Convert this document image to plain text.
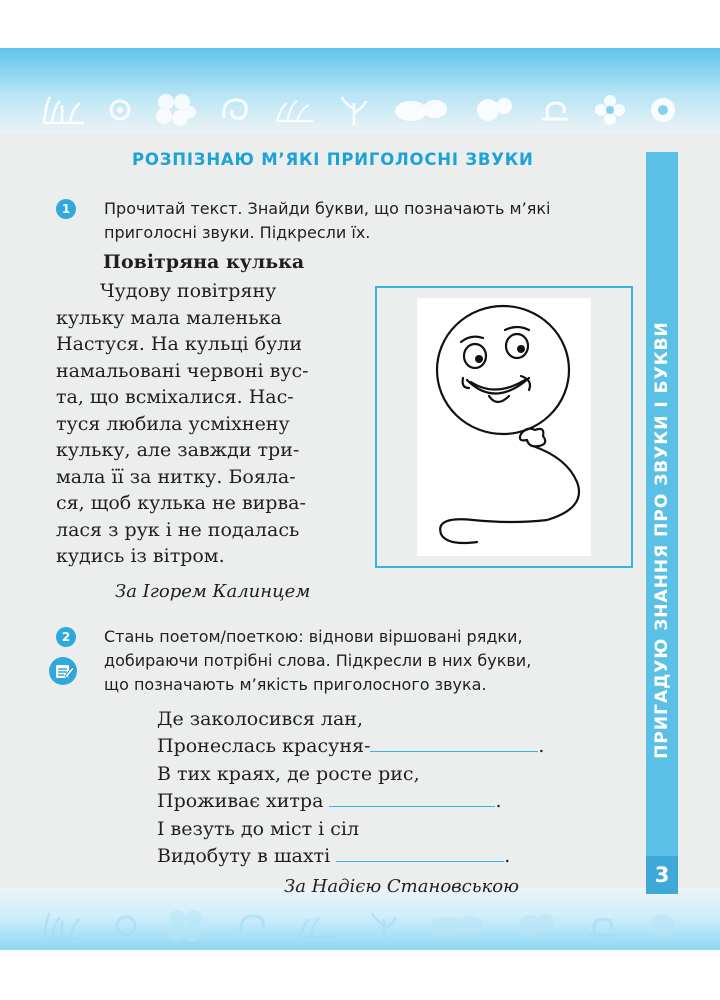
ПРИГАДУЮ ЗНАННЯ ПРО ЗВУКИ І БУКВИ
3
РОЗПІЗНАЮ М’ЯКІ ПРИГОЛОСНІ ЗВУКИ
1	Прочитай текст. Знайди букви, що позначають м’які
приголосні звуки. Підкресли їх.
Повітряна кулька
Чудову повітряну
кульку мала маленька
Настуся. На кульці були
намальовані червоні вус-
та, що всміхалися. Нас-
туся любила усміхнену
кульку, але завжди три-
мала її за нитку. Бояла-
ся, щоб кулька не вирва-
лася з рук і не подалась
кудись із вітром.
За Ігорем Калинцем
2	Стань поетом/поеткою: віднови віршовані рядки,
добираючи потрібні слова. Підкресли в них букви,
що позначають м’якість приголосного звука.
Де заколосився лан,
Пронеслась красуня-	.
В тих краях, де росте рис,
Проживає хитра	.
І везуть до міст і сіл
Видобуту в шахті	.
За Надією Становською
